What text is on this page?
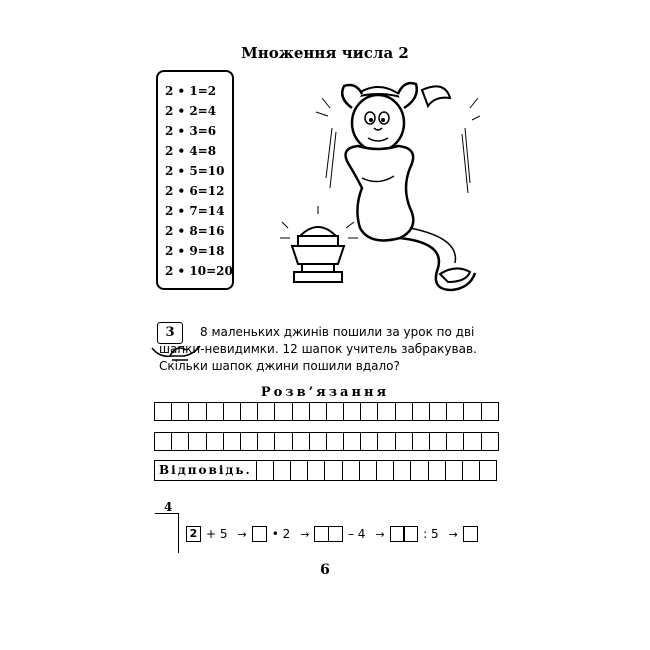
Множення числа 2
2 • 1=2
2 • 2=4
2 • 3=6
2 • 4=8
2 • 5=10
2 • 6=12
2 • 7=14
2 • 8=16
2 • 9=18
2 • 10=20
3	8 маленьких джинів пошили за урок по дві
шапки-невидимки. 12 шапок учитель забракував.
Скільки шапок джини пошили вдало?
Розв’язання
Відповідь.
4
2 + 5 → • 2 →	– 4 →	: 5 →
6
